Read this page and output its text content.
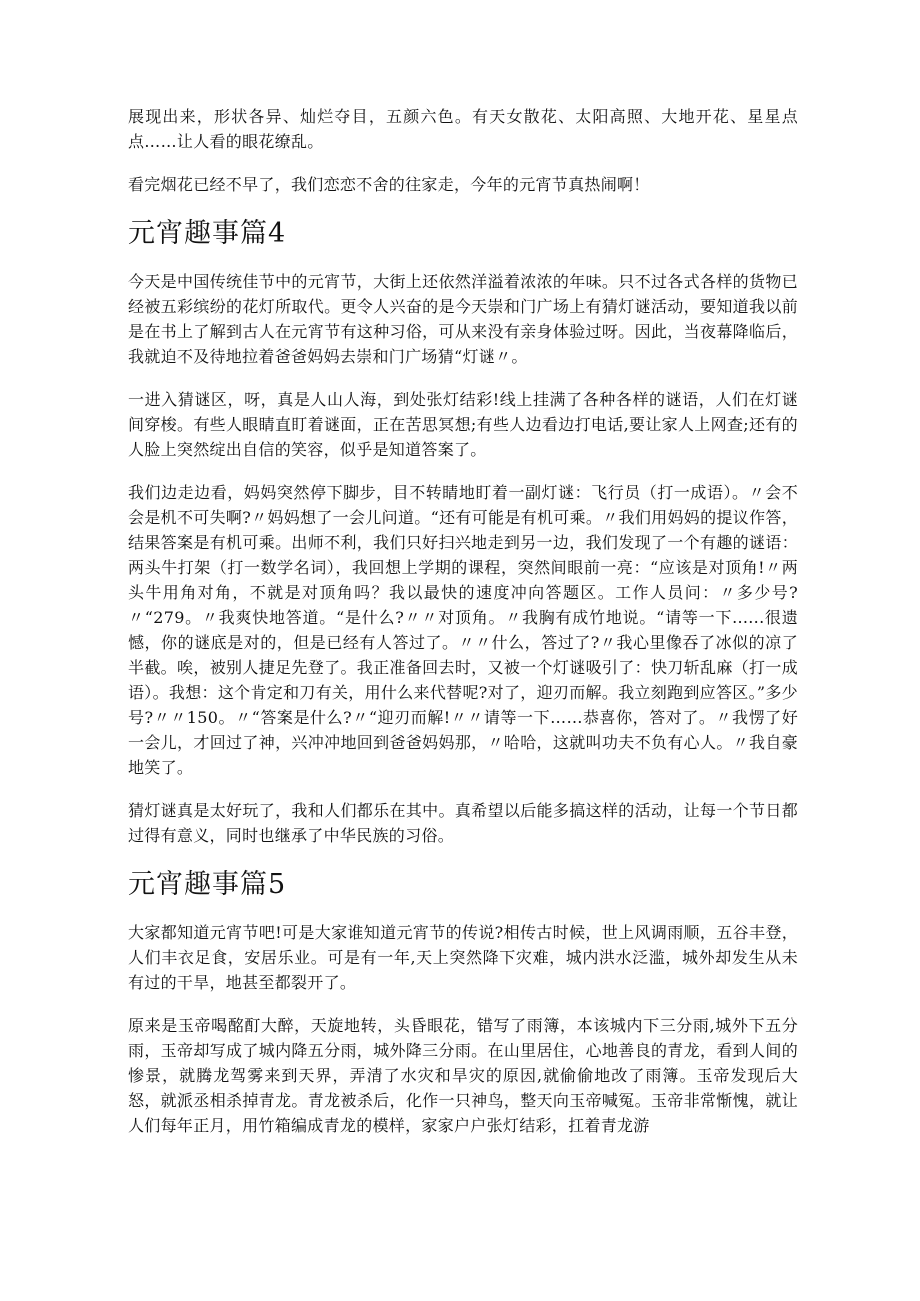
展现出来，形状各异、灿烂夺目，五颜六色。有天女散花、太阳高照、大地开花、星星点点……让人看的眼花缭乱。

看完烟花已经不早了，我们恋恋不舍的往家走，今年的元宵节真热闹啊！

元宵趣事篇4

今天是中国传统佳节中的元宵节，大街上还依然洋溢着浓浓的年味。只不过各式各样的货物已经被五彩缤纷的花灯所取代。更令人兴奋的是今天崇和门广场上有猜灯谜活动，要知道我以前是在书上了解到古人在元宵节有这种习俗，可从来没有亲身体验过呀。因此，当夜幕降临后，我就迫不及待地拉着爸爸妈妈去崇和门广场猜“灯谜〃。

一进入猜谜区，呀，真是人山人海，到处张灯结彩!线上挂满了各种各样的谜语，人们在灯谜间穿梭。有些人眼睛直盯着谜面，正在苦思冥想;有些人边看边打电话,要让家人上网查;还有的人脸上突然绽出自信的笑容，似乎是知道答案了。

我们边走边看，妈妈突然停下脚步，目不转睛地盯着一副灯谜：飞行员（打一成语）。〃会不会是机不可失啊?〃妈妈想了一会儿问道。“还有可能是有机可乘。〃我们用妈妈的提议作答，结果答案是有机可乘。出师不利，我们只好扫兴地走到另一边，我们发现了一个有趣的谜语：两头牛打架（打一数学名词），我回想上学期的课程，突然间眼前一亮：“应该是对顶角!〃两头牛用角对角，不就是对顶角吗？我以最快的速度冲向答题区。工作人员问：〃多少号?〃“279。〃我爽快地答道。“是什么?〃〃对顶角。〃我胸有成竹地说。“请等一下......很遗憾，你的谜底是对的，但是已经有人答过了。〃〃什么，答过了?〃我心里像吞了冰似的凉了半截。唉，被别人捷足先登了。我正准备回去时，又被一个灯谜吸引了：快刀斩乱麻（打一成语）。我想：这个肯定和刀有关，用什么来代替呢?对了，迎刃而解。我立刻跑到应答区。”多少号?〃〃150。〃“答案是什么?〃“迎刃而解!〃〃请等一下……恭喜你，答对了。〃我愣了好一会儿，才回过了神，兴冲冲地回到爸爸妈妈那，〃哈哈，这就叫功夫不负有心人。〃我自豪地笑了。

猜灯谜真是太好玩了，我和人们都乐在其中。真希望以后能多搞这样的活动，让每一个节日都过得有意义，同时也继承了中华民族的习俗。

元宵趣事篇5

大家都知道元宵节吧!可是大家谁知道元宵节的传说?相传古时候，世上风调雨顺，五谷丰登，人们丰衣足食，安居乐业。可是有一年,天上突然降下灾难，城内洪水泛滥，城外却发生从未有过的干旱，地甚至都裂开了。

原来是玉帝喝酩酊大醉，天旋地转，头昏眼花，错写了雨簿，本该城内下三分雨,城外下五分雨，玉帝却写成了城内降五分雨，城外降三分雨。在山里居住，心地善良的青龙，看到人间的惨景，就腾龙驾雾来到天界，弄清了水灾和旱灾的原因,就偷偷地改了雨簿。玉帝发现后大怒，就派丞相杀掉青龙。青龙被杀后，化作一只神鸟，整天向玉帝喊冤。玉帝非常惭愧，就让人们每年正月，用竹箱编成青龙的模样，家家户户张灯结彩，扛着青龙游
